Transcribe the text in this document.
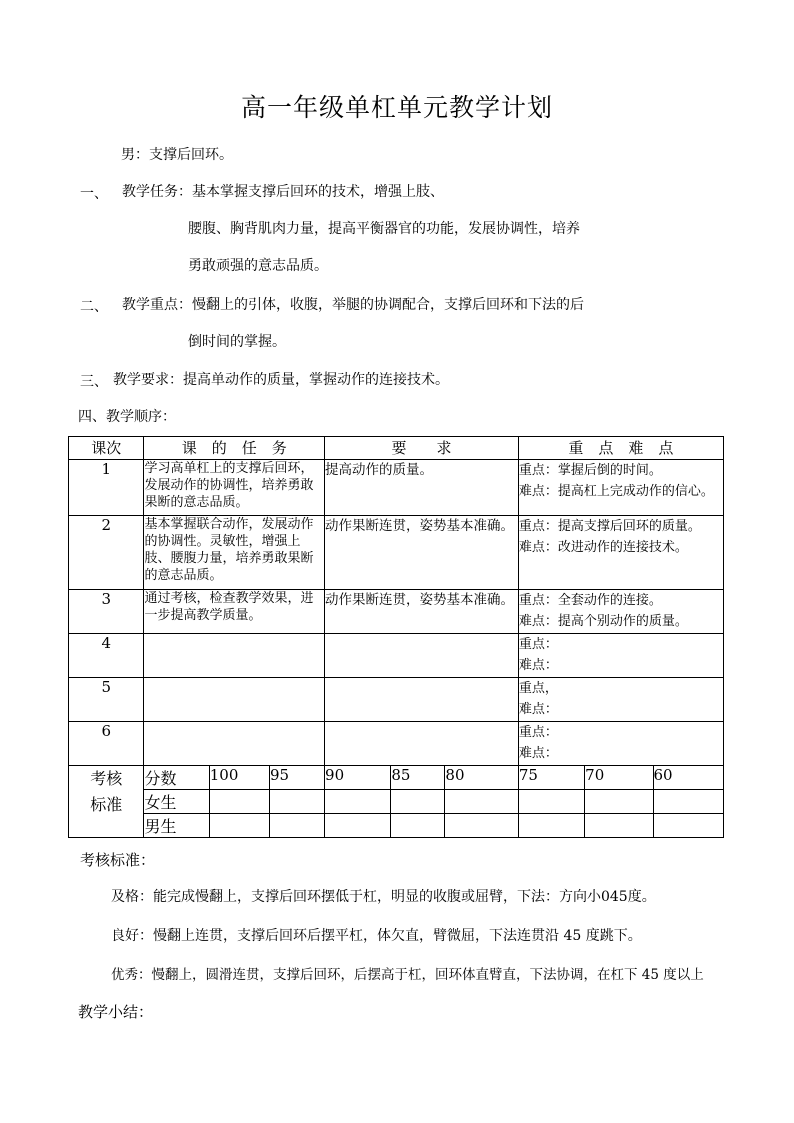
高一年级单杠单元教学计划
男：支撑后回环。
一、 教学任务：基本掌握支撑后回环的技术，增强上肢、
腰腹、胸背肌肉力量，提高平衡器官的功能，发展协调性，培养
勇敢顽强的意志品质。
二、 教学重点：慢翻上的引体，收腹，举腿的协调配合，支撑后回环和下法的后
倒时间的掌握。
三、 教学要求：提高单动作的质量，掌握动作的连接技术。
四、教学顺序：
课次	课　的　任　务			要　　求			重　点　难　点		
1	学习高单杠上的支撑后回环，发展动作的协调性，培养勇敢果断的意志品质。			提高动作的质量。			重点：掌握后倒的时间。
难点：提高杠上完成动作的信心。		

2	基本掌握联合动作，发展动作的协调性。灵敏性，增强上肢、腰腹力量，培养勇敢果断的意志品质。			动作果断连贯，姿势基本准确。			重点：提高支撑后回环的质量。
难点：改进动作的连接技术。		

3	通过考核，检查教学效果，进一步提高教学质量。			动作果断连贯，姿势基本准确。			重点：全套动作的连接。
难点：提高个别动作的质量。		

4							重点：
难点：		

5							重点，
难点：		

6							重点：
难点：		

考核
标准	分数	100	95	90	85	80	75	70	60
	女生								
	男生								
考核标准：
及格：能完成慢翻上，支撑后回环摆低于杠，明显的收腹或屈臂，下法：方向小045度。
良好：慢翻上连贯，支撑后回环后摆平杠，体欠直，臂微屈，下法连贯沿 45 度跳下。
优秀：慢翻上，圆滑连贯，支撑后回环，后摆高于杠，回环体直臂直，下法协调，在杠下 45 度以上
教学小结：
